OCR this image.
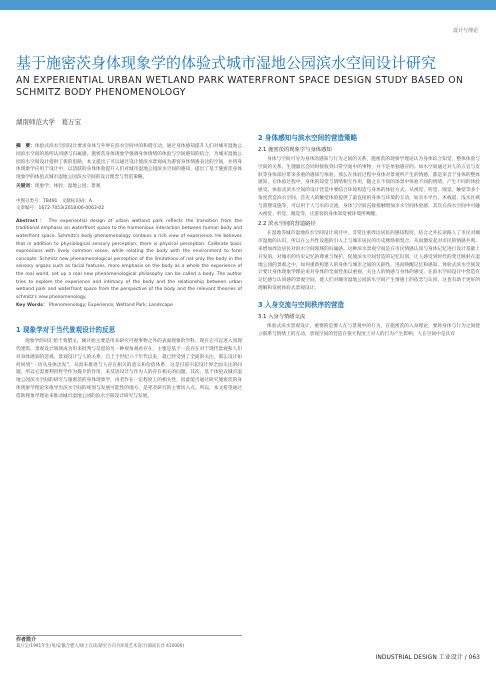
设计与理论
基于施密茨身体现象学的体验式城市湿地公园滨水空间设计研究
AN EXPERIENTIAL URBAN WETLAND PARK WATERFRONT SPACE DESIGN STUDY BASED ON SCHMITZ BODY PHENOMENOLOGY
湖南师范大学　葛万宝

摘　要：体验式滨水空间设计要求身体与外界在滨水空间中的和谐互动，通过身体感知提升人们对城市湿地公园滨水空间的场所认同感与归属感。施密茨身体现象学强调身体情绪的体验与空间感知的结合，为城市湿地公园滨水空间设计提供了新的思路，本文提出了可以通过设计使滨水景观成为游客身体情感表达的空间，并将身体现象学应用于设计中，以活跃的身体体验提升人们对城市湿地公园滨水空间的感知，提出了基于施密茨身体现象学的体验式城市湿地公园滨水空间的设计理念与营造策略。

关键词：现象学；体验；湿地公园；景观

中图分类号：TB491　文献标识码：A
文章编号：1672-7053(2018)06-0063-02
Abstract： The experiential design of urban wetland park reflects the transition from the traditional emphasis on waterfront space to the harmonious interaction between human body and waterfront space. Schmitz's body phenomenology contains a rich view of experience. He believes that in addition to physiological sensory perception, there is physical perception. Calibrate basic expressions with lively common sense, while relating the body with the environment to form concepts. Schmitz new phenomenological perception of the limitations of not only the body in the sensory organs such as facial features, more emphasis on the body as a whole the experience of the real world, set up a real new phenomenological philosophy can be called a body. The author tries to explore the experience and intimacy of the body and the relationship between urban wetland park and waterfront space from the perspective of the body and the relevant theories of schmitz's new phenomenology.
Key Words： Phenomenology; Experience; Wetland Park; Landscape
1 现象学对于当代景观设计的反思

现象学的词汇始于希腊文，刚开始主要是用来研究可观事物之外的表面现象的学科。现在它可以进入到现代建筑、景观设计领域成为用来批判与反思的另一种视角观看存在，主要是基于一直存在对于现代景观和人们对身体感知的忽视。景观设计与人的关系，自上个世纪六十年代以来，就已经受到了全面的关注，那么设计如何回到“一切从身体出发”，从而来推进与人存在相关的意义和价值体系，这是目前引起设计界全面关注的问题，所以它需要利用哲学作为媒介的作用，来反思设计与作为人的存在相关的问题。其次，基于体验式城市湿地公园滨水空间的研究与施密茨的身体现象学，再者作在一定程度上的相关性，因此能否通过研究施密茨的身体现象学理论来推导出滨水空间的规划与发展可能性的地方，是笔者研究的主要切入点。所以，本文希望通过借助现象学理论来推动城市湿地公园的滨水空间设计研究与发展。

作者简介
葛万宝/1991年生/男/安徽合肥人/硕士在读/研究方向为环境艺术设计(湖南长沙 410000)
2 身体感知与滨水空间的营造策略
2.1 施密茨的现象学与身体感知

身体与空间可分为身体的感知与行为之间的关系，施密茨的现象学理论认为身体综合知觉、整体体验与空间的关系。生理器官会同时接收到日常空间中的事物，并不是单独感应的。如水空间通过对人的五官与皮肤等身体部位带来多重的感知与体验，那么在体验过程中身体对景观所产生的情感，都是来自于身体的整体感知，在体验过程中，身体的知觉与情绪相互作用，随之在不同的场景中体验不同的情绪，产生不同的体验感受。体验式滨水空间的设计营造中要结合环境构造与身体的体验方式，从视觉、听觉、嗅觉、触觉等多个角度营造滨水空间。首先人的触觉体验提供了最直接的身体与环境的互动，如亲水平台、木栈道、浅水区域与游憩设施等，可以用于人与水的交流，身体与空间直接接触增加亲水空间体验感。其次在滨水空间中可融入视觉、听觉、嗅觉等，让游客的身体知觉被环境所唤醒。

2.2 滨水空间的营造路径

在湿地等城市湿地滨水空间设计项目中，非常注重周边居民的感知程度，结合之外长途路人了市民对城市湿地的认识，所以在公共性设施的引入上与城市居民的历史脉络相契合，从而激发起对市民的情感共鸣。来增加周边居民对滨水空间领域的归属感。这种滨水景观空间是在市民情感认知与身体记忆进行设计基础上开发的，对城市的历史记忆的尊重与保护，促使滨水空间营造的记忆识别，让人感受到时代的变迁映射在湿地公园的景观之中。如何重新构建人的身体与城市之间的关联性，进而唤醒记忆和感知。体验式滨水空间设计要让身体现象学理论来对身体的全面性加以重视，关注人的情感与身体的感受，在滨水空间设计中营造有记忆感与认同感的景观空间，使人们对城市湿地公园滨水空间产生情感上的依恋与认同，这也有助于更好的理解和发展体验式景观设计。

3 入身交流与空间秩序的营造
3.1 入身与情绪交流

体验式滨水景观设计，重要的是要人在与景观中的行为，在施密茨的入身理论，要将身体与行为之间建立联系与情绪上的互动，景观空间的营造在很大程度上对人的行为产生影响，人在空间中是具有

INDUSTRIAL DESIGN 工业设计 / 063
